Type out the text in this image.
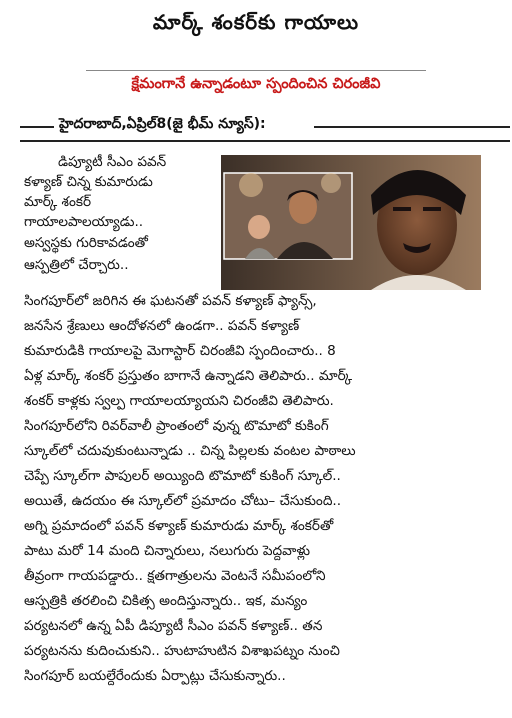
మార్క్ శంకర్‌కు గాయాలు
క్షేమంగానే ఉన్నాడంటూ స్పందించిన చిరంజీవి
హైదరాబాద్,ఏప్రిల్8(జై భీమ్ న్యూస్):
డిప్యూటీ సీఎం పవన్
కళ్యాణ్ చిన్న కుమారుడు
మార్క్ శంకర్
గాయాలపాలయ్యాడు..
అస్వస్థకు గురికావడంతో
ఆస్పత్రిలో చేర్చారు..
సింగపూర్‌లో జరిగిన ఈ ఘటనతో పవన్ కళ్యాణ్ ఫ్యాన్స్,
జనసేన శ్రేణులు ఆందోళనలో ఉండగా.. పవన్ కళ్యాణ్
కుమారుడికి గాయాలపై మెగాస్టార్ చిరంజీవి స్పందించారు.. 8
ఏళ్ల మార్క్ శంకర్ ప్రస్తుతం బాగానే ఉన్నాడని తెలిపారు.. మార్క్
శంకర్ కాళ్లకు స్వల్ప గాయాలయ్యాయని చిరంజీవి తెలిపారు.
సింగపూర్‌లోని రివర్‌వాలీ ప్రాంతంలో వున్న టొమాటో కుకింగ్
స్కూల్‌లో చదువుకుంటున్నాడు .. చిన్న పిల్లలకు వంటల పాఠాలు
చెప్పే స్కూల్‌గా పాపులర్ అయ్యింది టొమాటో కుకింగ్ స్కూల్..
అయితే, ఉదయం ఈ స్కూల్‌లో ప్రమాదం చోటు– చేసుకుంది..
అగ్ని ప్రమాదంలో పవన్ కళ్యాణ్ కుమారుడు మార్క్ శంకర్‌తో
పాటు మరో 14 మంది చిన్నారులు, నలుగురు పెద్దవాళ్లు
తీవ్రంగా గాయపడ్డారు.. క్షతగాత్రులను వెంటనే సమీపంలోని
ఆస్పత్రికి తరలించి చికిత్స అందిస్తున్నారు.. ఇక, మన్యం
పర్యటనలో ఉన్న ఏపీ డిప్యూటీ సీఎం పవన్ కళ్యాణ్.. తన
పర్యటనను కుదించుకుని.. హుటాహుటిన విశాఖపట్నం నుంచి
సింగపూర్ బయల్దేరేందుకు ఏర్పాట్లు చేసుకున్నారు..
